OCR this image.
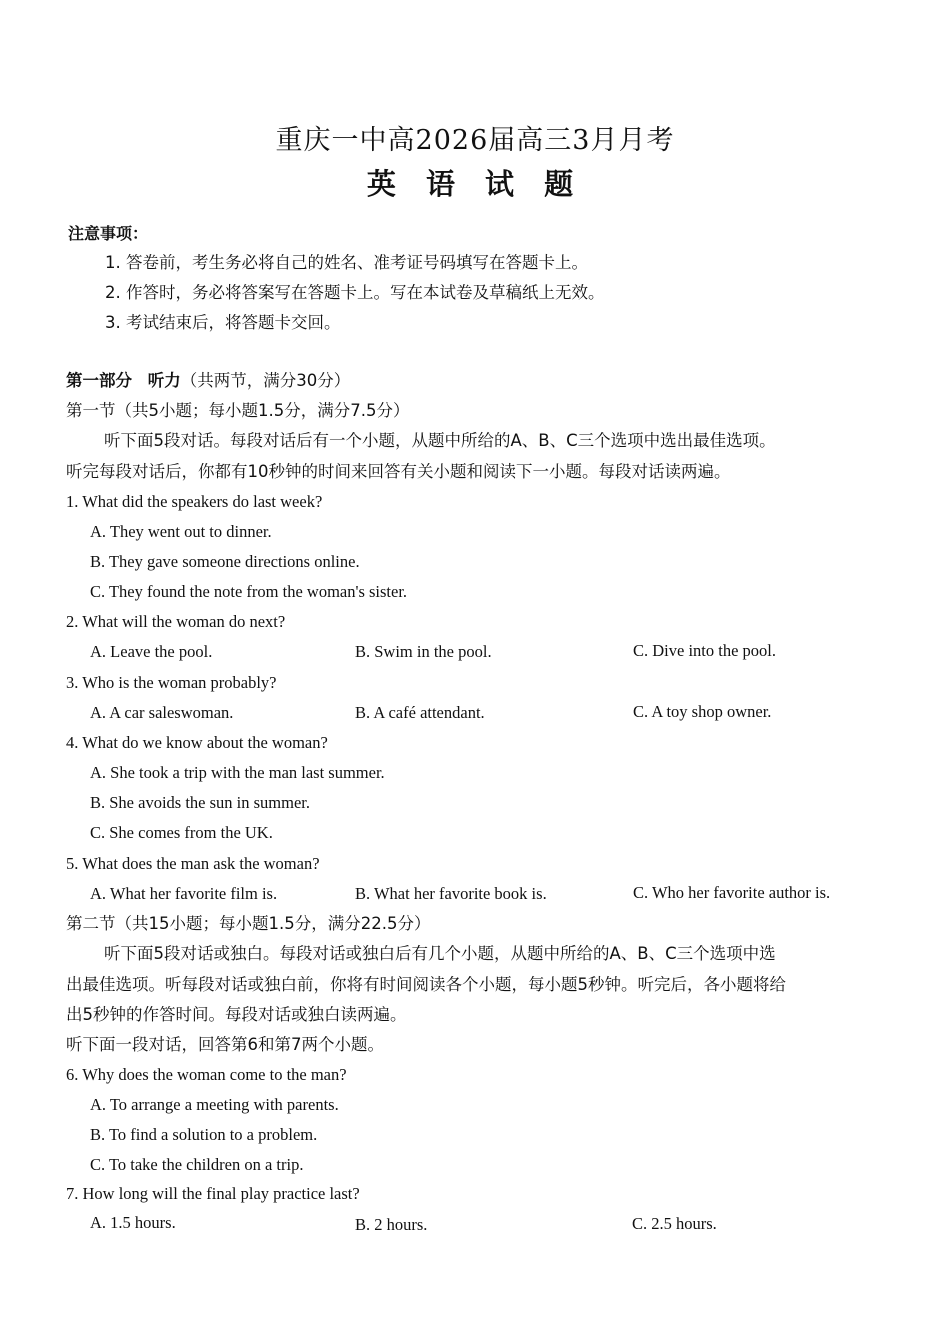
重庆一中高2026届高三3月月考
英 语 试 题
注意事项：
1. 答卷前，考生务必将自己的姓名、准考证号码填写在答题卡上。
2. 作答时，务必将答案写在答题卡上。写在本试卷及草稿纸上无效。
3. 考试结束后，将答题卡交回。
第一部分 听力（共两节，满分30分）
第一节（共5小题；每小题1.5分，满分7.5分）
听下面5段对话。每段对话后有一个小题，从题中所给的A、B、C三个选项中选出最佳选项。
听完每段对话后，你都有10秒钟的时间来回答有关小题和阅读下一小题。每段对话读两遍。
1. What did the speakers do last week?
A. They went out to dinner.
B. They gave someone directions online.
C. They found the note from the woman's sister.
2. What will the woman do next?
A. Leave the pool.	B. Swim in the pool.	C. Dive into the pool.
3. Who is the woman probably?
A. A car saleswoman.	B. A café attendant.	C. A toy shop owner.
4. What do we know about the woman?
A. She took a trip with the man last summer.
B. She avoids the sun in summer.
C. She comes from the UK.
5. What does the man ask the woman?
A. What her favorite film is.	B. What her favorite book is.	C. Who her favorite author is.
第二节（共15小题；每小题1.5分，满分22.5分）
听下面5段对话或独白。每段对话或独白后有几个小题，从题中所给的A、B、C三个选项中选
出最佳选项。听每段对话或独白前，你将有时间阅读各个小题，每小题5秒钟。听完后，各小题将给
出5秒钟的作答时间。每段对话或独白读两遍。
听下面一段对话，回答第6和第7两个小题。
6. Why does the woman come to the man?
A. To arrange a meeting with parents.
B. To find a solution to a problem.
C. To take the children on a trip.
7. How long will the final play practice last?
A. 1.5 hours.	B. 2 hours.	C. 2.5 hours.
